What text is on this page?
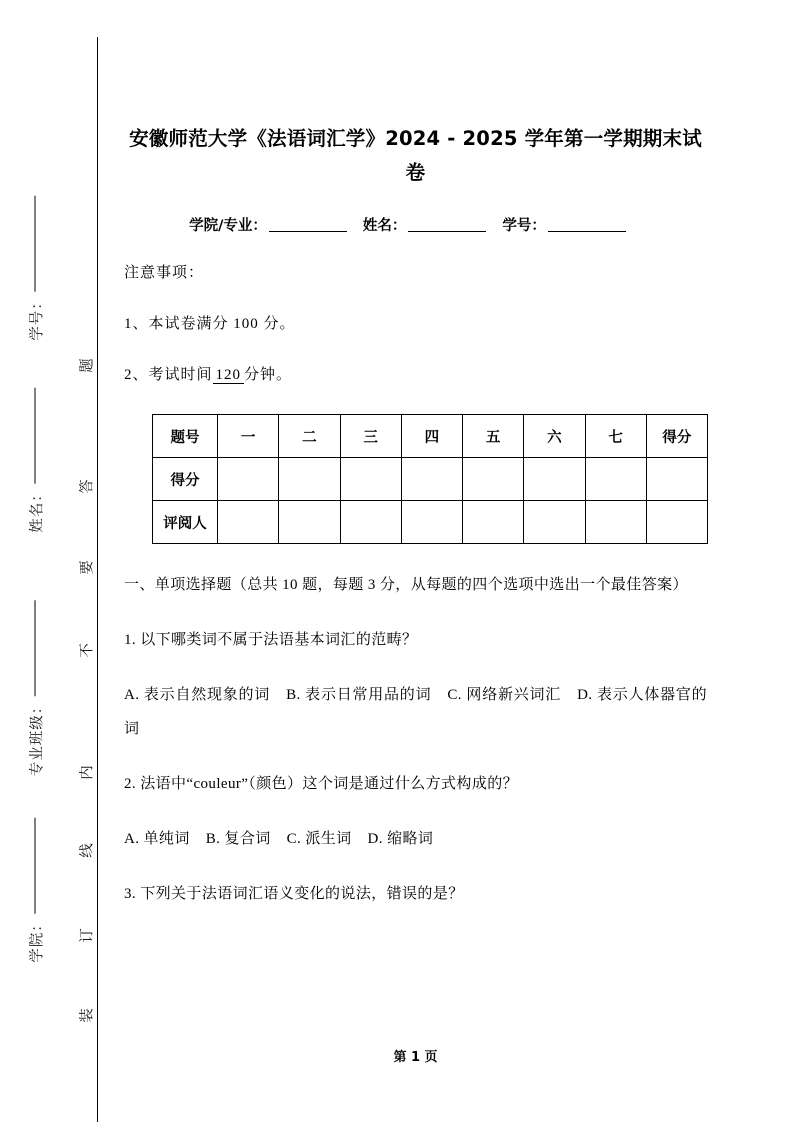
学号：
姓名：
专业班级：
学院：
题
答
要
不
内
线
订
装
安徽师范大学《法语词汇学》2024 - 2025 学年第一学期期末试卷
学院/专业：	姓名：	学号：
注意事项：
1、本试卷满分 100 分。
2、考试时间 120 分钟。
题号	一	二	三	四	五	六	七	得分
得分								
评阅人								
一、单项选择题（总共 10 题，每题 3 分，从每题的四个选项中选出一个最佳答案）
1. 以下哪类词不属于法语基本词汇的范畴？
A. 表示自然现象的词 B. 表示日常用品的词 C. 网络新兴词汇 D. 表示人体器官的词
2. 法语中“couleur”（颜色）这个词是通过什么方式构成的？
A. 单纯词 B. 复合词 C. 派生词 D. 缩略词
3. 下列关于法语词汇语义变化的说法，错误的是？
第 1 页
